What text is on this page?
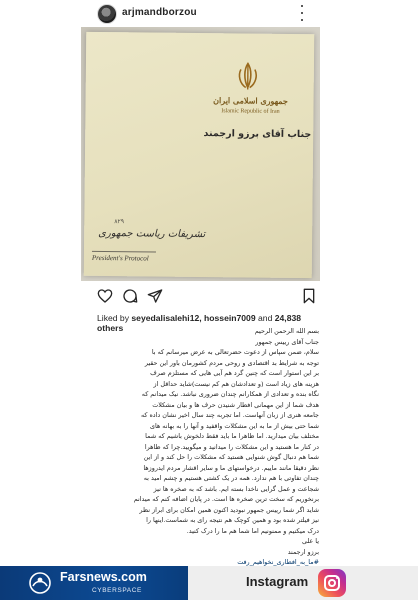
arjmandborzou
جمهوری اسلامی ایران
Islamic Republic of Iran
جناب آقای برزو ارجمند
۸۲۹
تشریفات ریاست جمهوری
President's Protocol
Liked by seyedalisalehi12, hossein7009 and 24,838
others	بسم الله الرحمن الرحیم
جناب آقای رییس جمهور
سلام، ضمن سپاس از دعوت حضرتعالی به عرض میرسانم که با
توجه به شرایط بد اقتصادی و روحی مردم کشورمان باور این حقیر
بر این استوار است که چنین گرد هم آیی هایی که مستلزم صرف
هزینه های زیاد است (و تعدادشان هم کم نیست)شاید حداقل از
نگاه بنده و تعدادی از همکارانم چندان ضروری نباشد. نیک میدانم که
هدف شما از این مهمانی افطار شنیدن حرف ها و بیان مشکلات
جامعه هنری از زبان آنهاست. اما تجربه چند سال اخیر نشان داده که
شما حتی بیش از ما به این مشکلات واقفید و آنها را به بهانه های
مختلف بیان میدارید. اما ظاهرا ما باید فقط دلخوش باشیم که شما
در کنار ما هستید و این مشکلات را میدانید و میگویید.چرا که ظاهرا
شما هم دنبال گوش شنوایی هستید که مشکلات را حل کند و از این
نظر دقیقا مانند ماییم. درخواستهای ما و سایر اقشار مردم ایدروزها
چندان تفاوتی با هم ندارد. همه در یک کشتی هستیم و چشم امید به
شجاعت و عمل گرایی ناخدا بسته ایم. باشد که به صخره ها نیز
برنخوریم که سخت ترین صخره ها است. در پایان اضافه کنم که میدانم
شاید اگر شما رییس جمهور نبودید اکنون همین امکان برای ابراز نظر
نیز فیلتر شده بود و همین کوچک هم نتیجه رای به شماست.اینها را
درک میکنیم و ممنونیم اما شما هم ما را درک کنید.
یا علی
برزو ارجمند
#ما_به_افطاری_نخواهیم_رفت
Farsnews.com
CYBERSPACE
Instagram
